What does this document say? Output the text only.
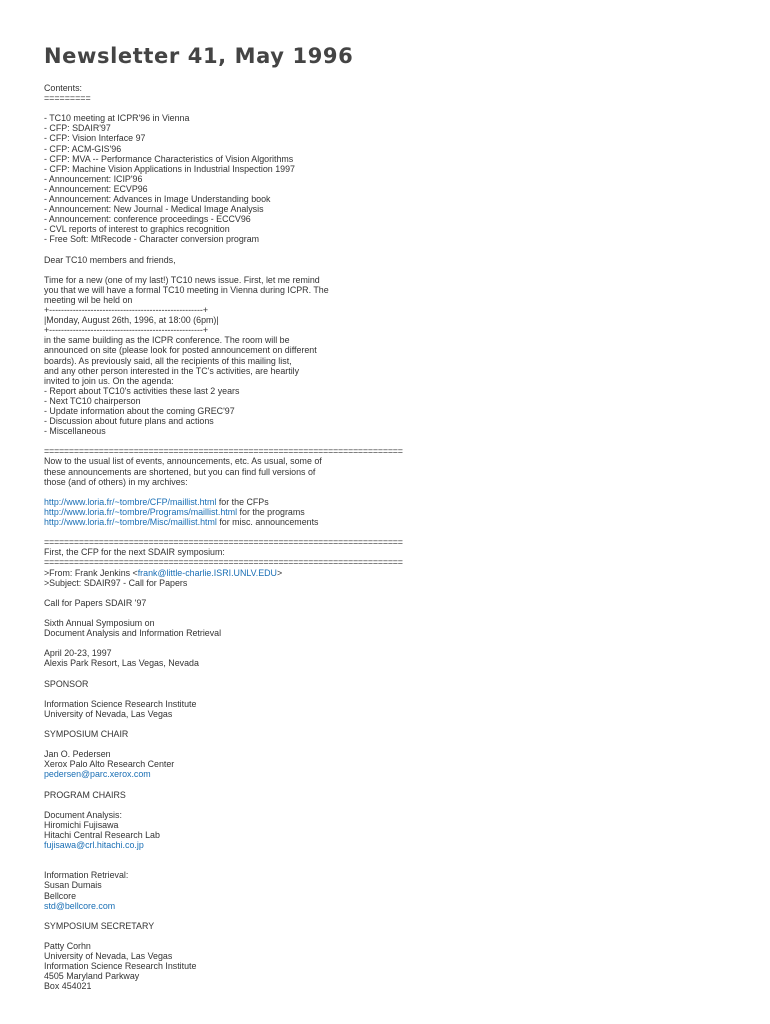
Newsletter 41, May 1996
Contents:
=========
- TC10 meeting at ICPR'96 in Vienna
- CFP: SDAIR'97
- CFP: Vision Interface 97
- CFP: ACM-GIS'96
- CFP: MVA -- Performance Characteristics of Vision Algorithms
- CFP: Machine Vision Applications in Industrial Inspection 1997
- Announcement: ICIP'96
- Announcement: ECVP96
- Announcement: Advances in Image Understanding book
- Announcement: New Journal - Medical Image Analysis
- Announcement: conference proceedings - ECCV96
- CVL reports of interest to graphics recognition
- Free Soft: MtRecode - Character conversion program
Dear TC10 members and friends,
Time for a new (one of my last!) TC10 news issue. First, let me remind
you that we will have a formal TC10 meeting in Vienna during ICPR. The
meeting wil be held on
+----------------------------------------------------+
|Monday, August 26th, 1996, at 18:00 (6pm)|
+----------------------------------------------------+
in the same building as the ICPR conference. The room will be
announced on site (please look for posted announcement on different
boards). As previously said, all the recipients of this mailing list,
and any other person interested in the TC's activities, are heartily
invited to join us. On the agenda:
- Report about TC10's activities these last 2 years
- Next TC10 chairperson
- Update information about the coming GREC'97
- Discussion about future plans and actions
- Miscellaneous
========================================================================
Now to the usual list of events, announcements, etc. As usual, some of
these announcements are shortened, but you can find full versions of
those (and of others) in my archives:
http://www.loria.fr/~tombre/CFP/maillist.html for the CFPs
http://www.loria.fr/~tombre/Programs/maillist.html for the programs
http://www.loria.fr/~tombre/Misc/maillist.html for misc. announcements
========================================================================
First, the CFP for the next SDAIR symposium:
========================================================================
>From: Frank Jenkins <frank@little-charlie.ISRI.UNLV.EDU>
>Subject: SDAIR97 - Call for Papers
Call for Papers SDAIR '97
Sixth Annual Symposium on
Document Analysis and Information Retrieval
April 20-23, 1997
Alexis Park Resort, Las Vegas, Nevada
SPONSOR
Information Science Research Institute
University of Nevada, Las Vegas
SYMPOSIUM CHAIR
Jan O. Pedersen
Xerox Palo Alto Research Center
pedersen@parc.xerox.com
PROGRAM CHAIRS
Document Analysis:
Hiromichi Fujisawa
Hitachi Central Research Lab
fujisawa@crl.hitachi.co.jp
Information Retrieval:
Susan Dumais
Bellcore
std@bellcore.com
SYMPOSIUM SECRETARY
Patty Corhn
University of Nevada, Las Vegas
Information Science Research Institute
4505 Maryland Parkway
Box 454021
